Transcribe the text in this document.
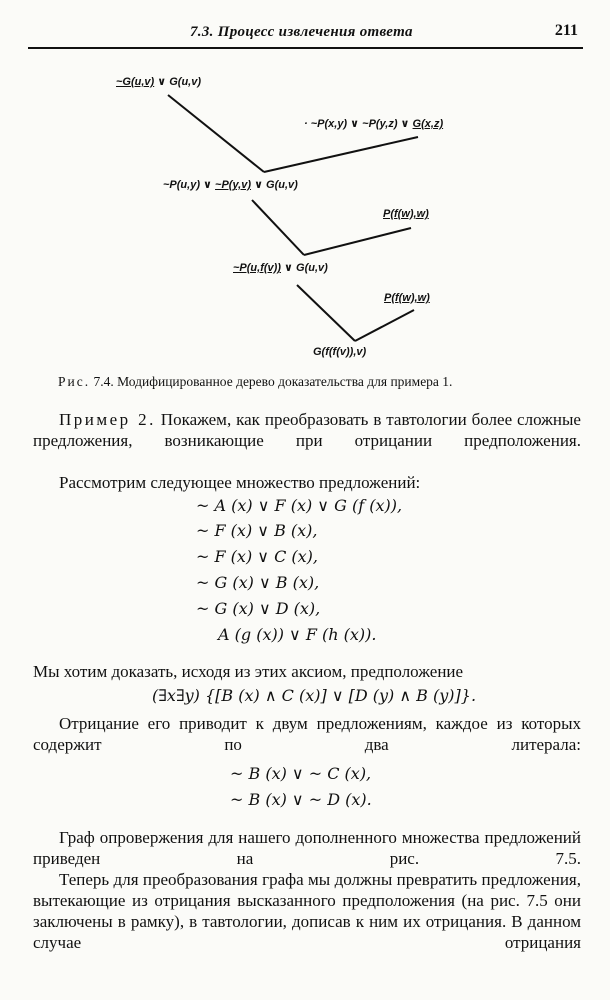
7.3. Процесс извлечения ответа	211
~G(u,v) ∨ G(u,v)
· ~P(x,y) ∨ ~P(y,z) ∨ G(x,z)
~P(u,y) ∨ ~P(y,v) ∨ G(u,v)
P(f(w),w)
~P(u,f(v)) ∨ G(u,v)
P(f(w),w)
G(f(f(v)),v)
Рис. 7.4. Модифицированное дерево доказательства для примера 1.
Пример 2. Покажем, как преобразовать в тавтологии более сложные предложения, возникающие при отрицании предположения.
Рассмотрим следующее множество предложений:
~ A (x) ∨ F (x) ∨ G (f (x)),
~ F (x) ∨ B (x),
~ F (x) ∨ C (x),
~ G (x) ∨ B (x),
~ G (x) ∨ D (x),
A (g (x)) ∨ F (h (x)).
Мы хотим доказать, исходя из этих аксиом, предположение
(∃x∃y) {[B (x) ∧ C (x)] ∨ [D (y) ∧ B (y)]}.
Отрицание его приводит к двум предложениям, каждое из которых содержит по два литерала:
~ B (x) ∨ ~ C (x),
~ B (x) ∨ ~ D (x).
Граф опровержения для нашего дополненного множества предложений приведен на рис. 7.5.
Теперь для преобразования графа мы должны превратить предложения, вытекающие из отрицания высказанного предположения (на рис. 7.5 они заключены в рамку), в тавтологии, дописав к ним их отрицания. В данном случае отрицания
